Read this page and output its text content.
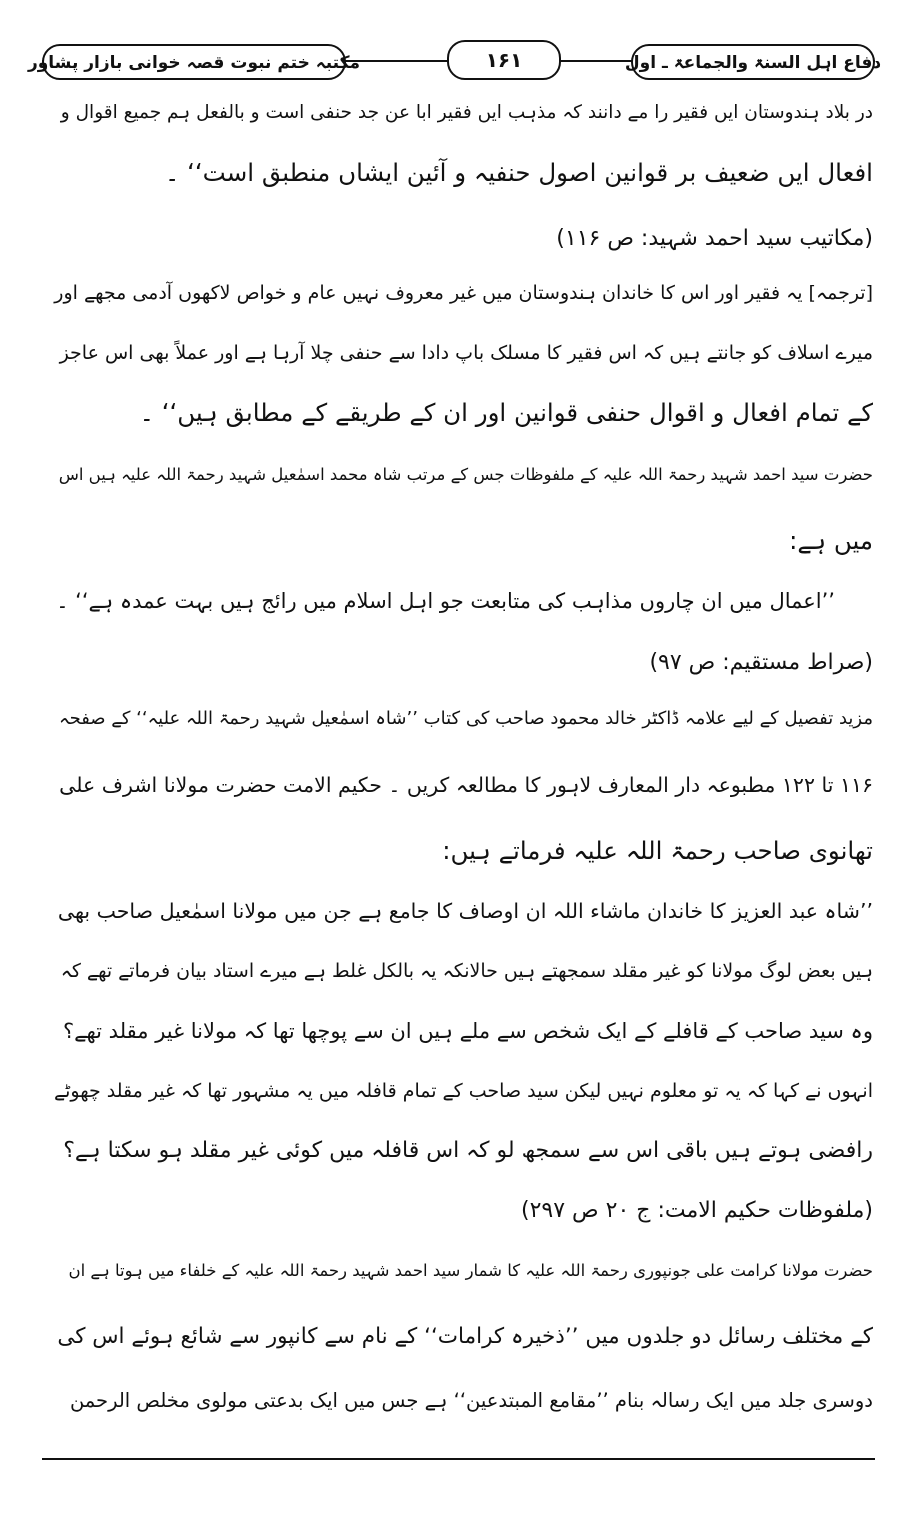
دفاع اہل السنۃ والجماعۃ ـ اول
۱۶۱
مکتبہ ختم نبوت قصہ خوانی بازار پشاور
در بلاد ہندوستان ایں فقیر را مے دانند کہ مذہب ایں فقیر ابا عن جد حنفی است و بالفعل ہم جمیع اقوال و
افعال ایں ضعیف بر قوانین اصول حنفیہ و آئین ایشاں منطبق است‘‘ ۔
(مکاتیب سید احمد شہید: ص ۱۱۶)
[ترجمہ] یہ فقیر اور اس کا خاندان ہندوستان میں غیر معروف نہیں عام و خواص لاکھوں آدمی مجھے اور
میرے اسلاف کو جانتے ہیں کہ اس فقیر کا مسلک باپ دادا سے حنفی چلا آرہا ہے اور عملاً بھی اس عاجز
کے تمام افعال و اقوال حنفی قوانین اور ان کے طریقے کے مطابق ہیں‘‘ ۔
حضرت سید احمد شہید رحمۃ اللہ علیہ کے ملفوظات جس کے مرتب شاہ محمد اسمٰعیل شہید رحمۃ اللہ علیہ ہیں اس
میں ہے:
’’اعمال میں ان چاروں مذاہب کی متابعت جو اہل اسلام میں رائج ہیں بہت عمدہ ہے‘‘ ۔
(صراط مستقیم: ص ۹۷)
مزید تفصیل کے لیے علامہ ڈاکٹر خالد محمود صاحب کی کتاب ’’شاہ اسمٰعیل شہید رحمۃ اللہ علیہ‘‘ کے صفحہ
۱۱۶ تا ۱۲۲ مطبوعہ دار المعارف لاہور کا مطالعہ کریں ۔ حکیم الامت حضرت مولانا اشرف علی
تھانوی صاحب رحمۃ اللہ علیہ فرماتے ہیں:
’’شاہ عبد العزیز کا خاندان ماشاء اللہ ان اوصاف کا جامع ہے جن میں مولانا اسمٰعیل صاحب بھی
ہیں بعض لوگ مولانا کو غیر مقلد سمجھتے ہیں حالانکہ یہ بالکل غلط ہے میرے استاد بیان فرماتے تھے کہ
وہ سید صاحب کے قافلے کے ایک شخص سے ملے ہیں ان سے پوچھا تھا کہ مولانا غیر مقلد تھے؟
انہوں نے کہا کہ یہ تو معلوم نہیں لیکن سید صاحب کے تمام قافلہ میں یہ مشہور تھا کہ غیر مقلد چھوٹے
رافضی ہوتے ہیں باقی اس سے سمجھ لو کہ اس قافلہ میں کوئی غیر مقلد ہو سکتا ہے؟
(ملفوظات حکیم الامت: ج ۲۰ ص ۲۹۷)
حضرت مولانا کرامت علی جونپوری رحمۃ اللہ علیہ کا شمار سید احمد شہید رحمۃ اللہ علیہ کے خلفاء میں ہوتا ہے ان
کے مختلف رسائل دو جلدوں میں ’’ذخیرہ کرامات‘‘ کے نام سے کانپور سے شائع ہوئے اس کی
دوسری جلد میں ایک رسالہ بنام ’’مقامع المبتدعین‘‘ ہے جس میں ایک بدعتی مولوی مخلص الرحمن
